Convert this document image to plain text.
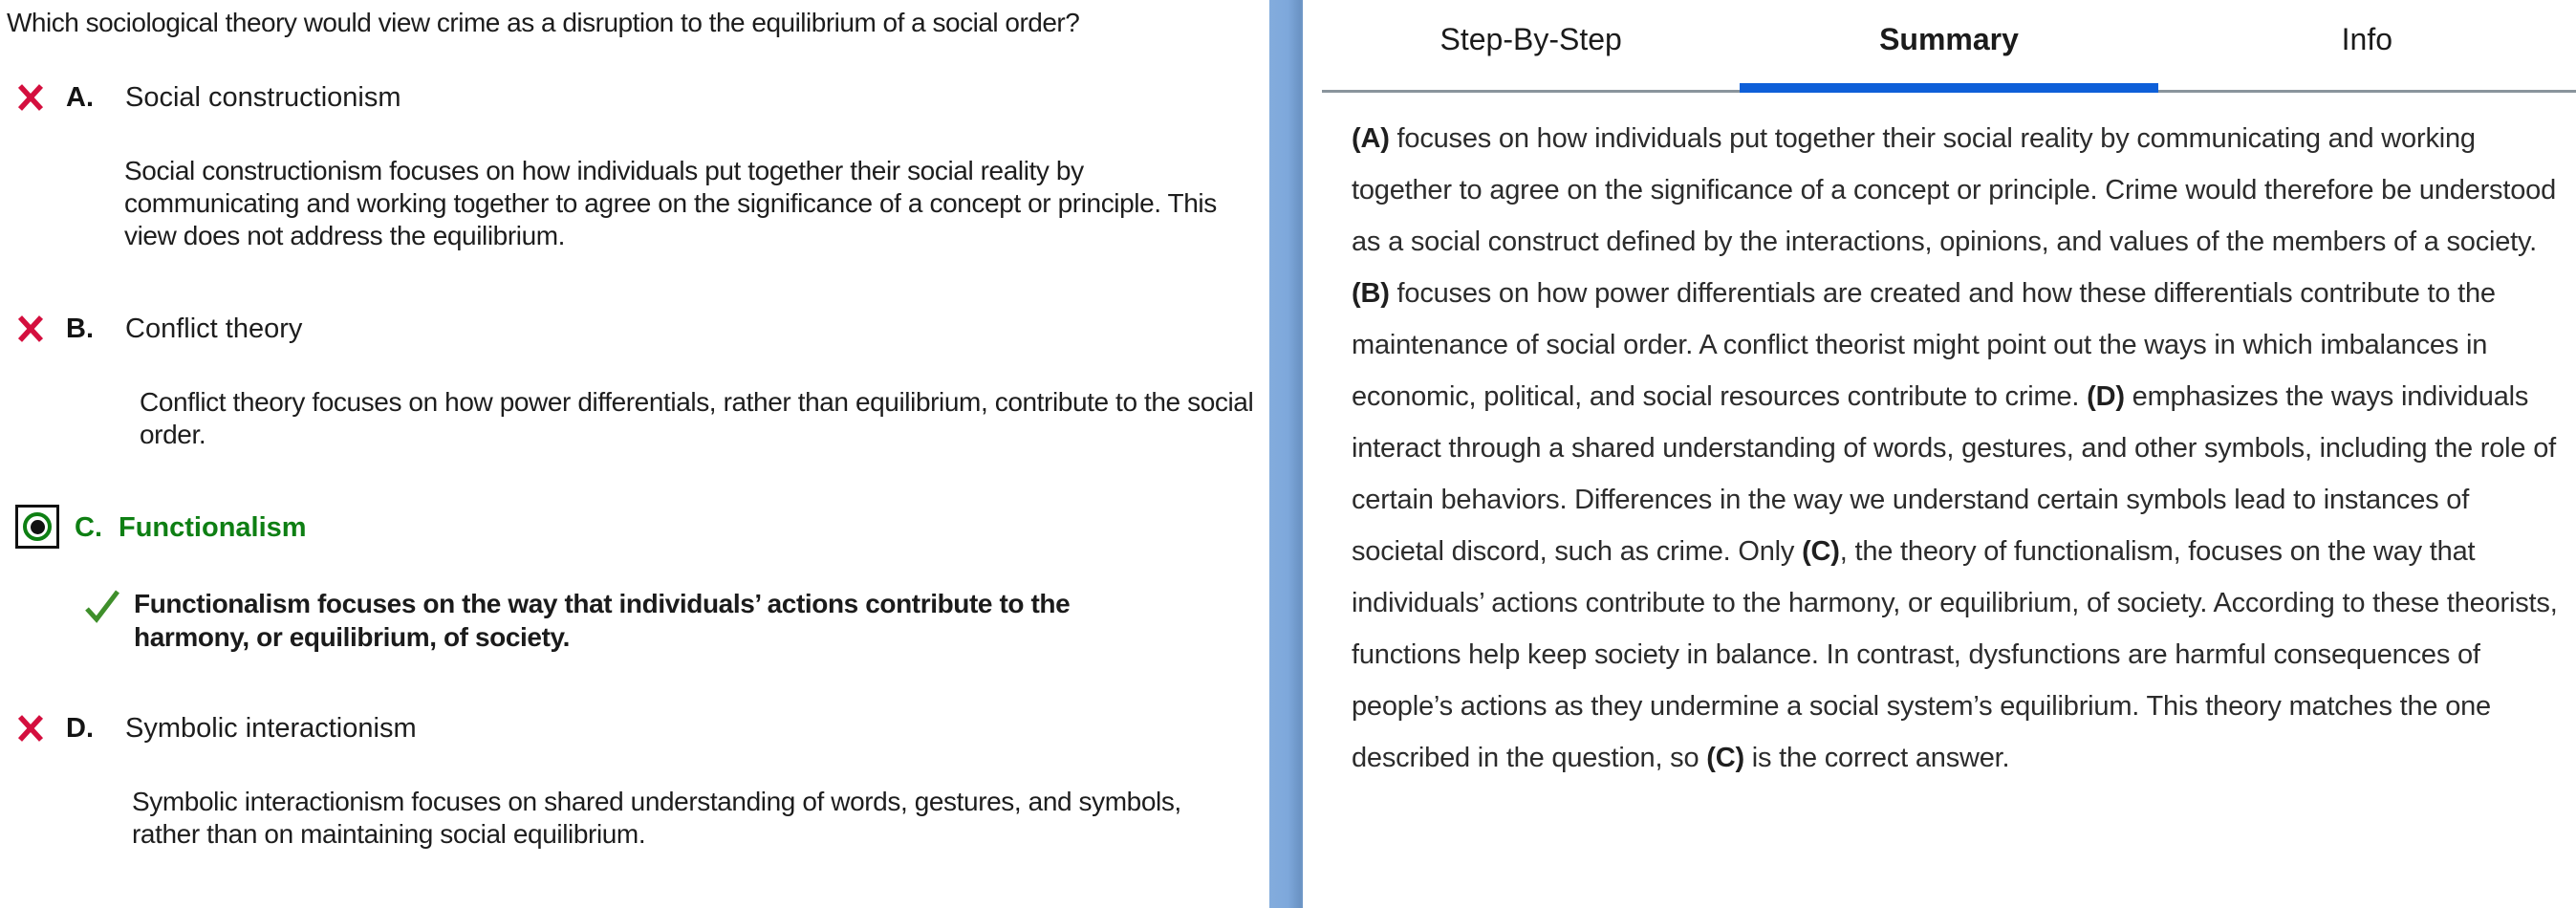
Which sociological theory would view crime as a disruption to the equilibrium of a social order?
A.	Social constructionism
Social constructionism focuses on how individuals put together their social reality by communicating and working together to agree on the significance of a concept or principle. This view does not address the equilibrium.
B.	Conflict theory
Conflict theory focuses on how power differentials, rather than equilibrium, contribute to the social order.
C. Functionalism
Functionalism focuses on the way that individuals’ actions contribute to the harmony, or equilibrium, of society.
D.	Symbolic interactionism
Symbolic interactionism focuses on shared understanding of words, gestures, and symbols, rather than on maintaining social equilibrium.
Step-By-Step	Summary	Info
(A) focuses on how individuals put together their social reality by communicating and working together to agree on the significance of a concept or principle. Crime would therefore be understood as a social construct defined by the interactions, opinions, and values of the members of a society. (B) focuses on how power differentials are created and how these differentials contribute to the maintenance of social order. A conflict theorist might point out the ways in which imbalances in economic, political, and social resources contribute to crime. (D) emphasizes the ways individuals interact through a shared understanding of words, gestures, and other symbols, including the role of certain behaviors. Differences in the way we understand certain symbols lead to instances of societal discord, such as crime. Only (C), the theory of functionalism, focuses on the way that individuals’ actions contribute to the harmony, or equilibrium, of society. According to these theorists, functions help keep society in balance. In contrast, dysfunctions are harmful consequences of people’s actions as they undermine a social system’s equilibrium. This theory matches the one described in the question, so (C) is the correct answer.
